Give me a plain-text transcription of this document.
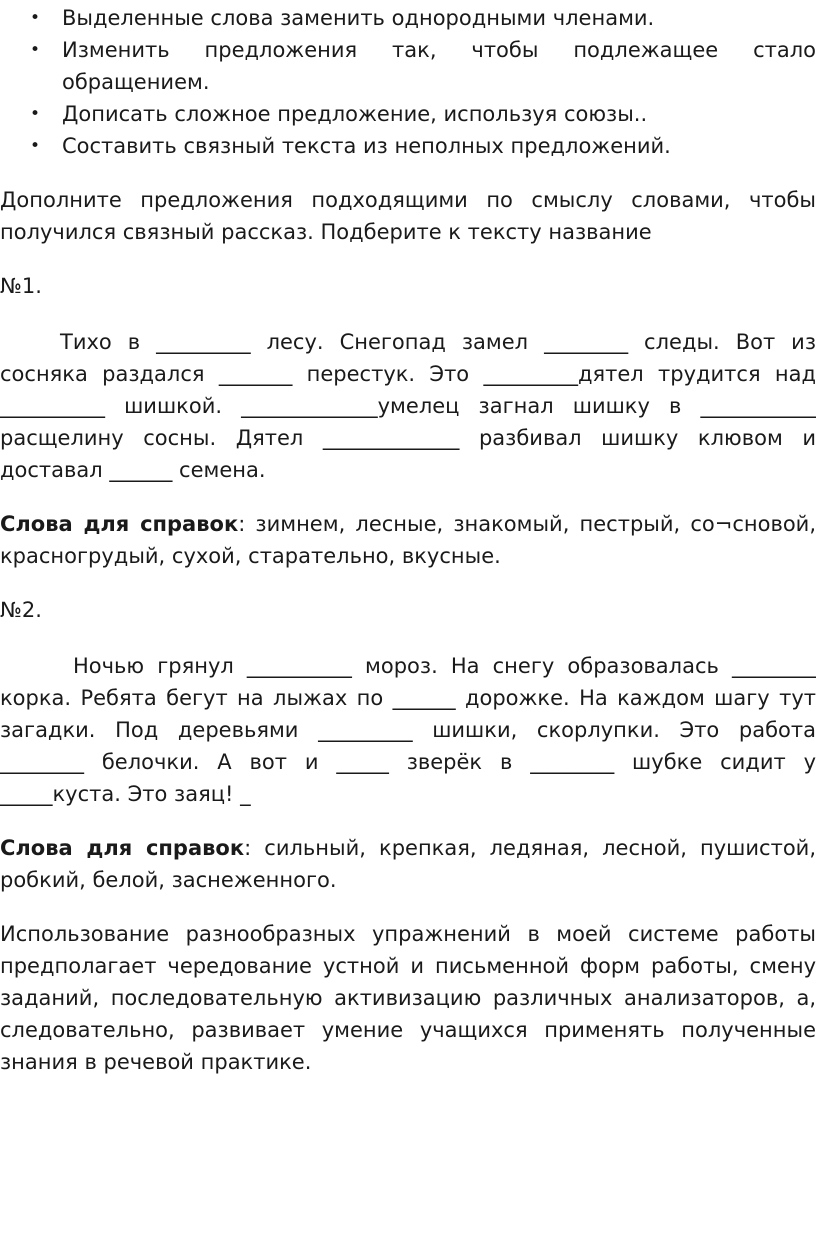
• Выделенные слова заменить однородными членами.
• Изменить предложения так, чтобы подлежащее стало обращением.
• Дописать сложное предложение, используя союзы..
• Составить связный текста из неполных предложений.

Дополните предложения подходящими по смыслу словами, чтобы получился связный рассказ. Подберите к тексту название

№1.

Тихо в _________ лесу. Снегопад замел ________ следы. Вот из сосняка раздался _______ перестук. Это _________дятел трудится над __________ шишкой. _____________умелец загнал шишку в ___________ расщелину сосны. Дятел _____________ разбивал шишку клювом и доставал ______ семена.

Слова для справок: зимнем, лесные, знакомый, пестрый, со¬сновой, красногрудый, сухой, старательно, вкусные.

№2.

Ночью грянул __________ мороз. На снегу образовалась ________ корка. Ребята бегут на лыжах по ______ дорожке. На каждом шагу тут загадки. Под деревьями _________ шишки, скорлупки. Это работа ________ белочки. А вот и _____ зверёк в ________ шубке сидит у _____куста. Это заяц! _

Слова для справок: сильный, крепкая, ледяная, лесной, пушистой, робкий, белой, заснеженного.

Использование разнообразных упражнений в моей системе работы предполагает чередование устной и письменной форм работы, смену заданий, последовательную активизацию различных анализаторов, а, следовательно, развивает умение учащихся применять полученные знания в речевой практике.
